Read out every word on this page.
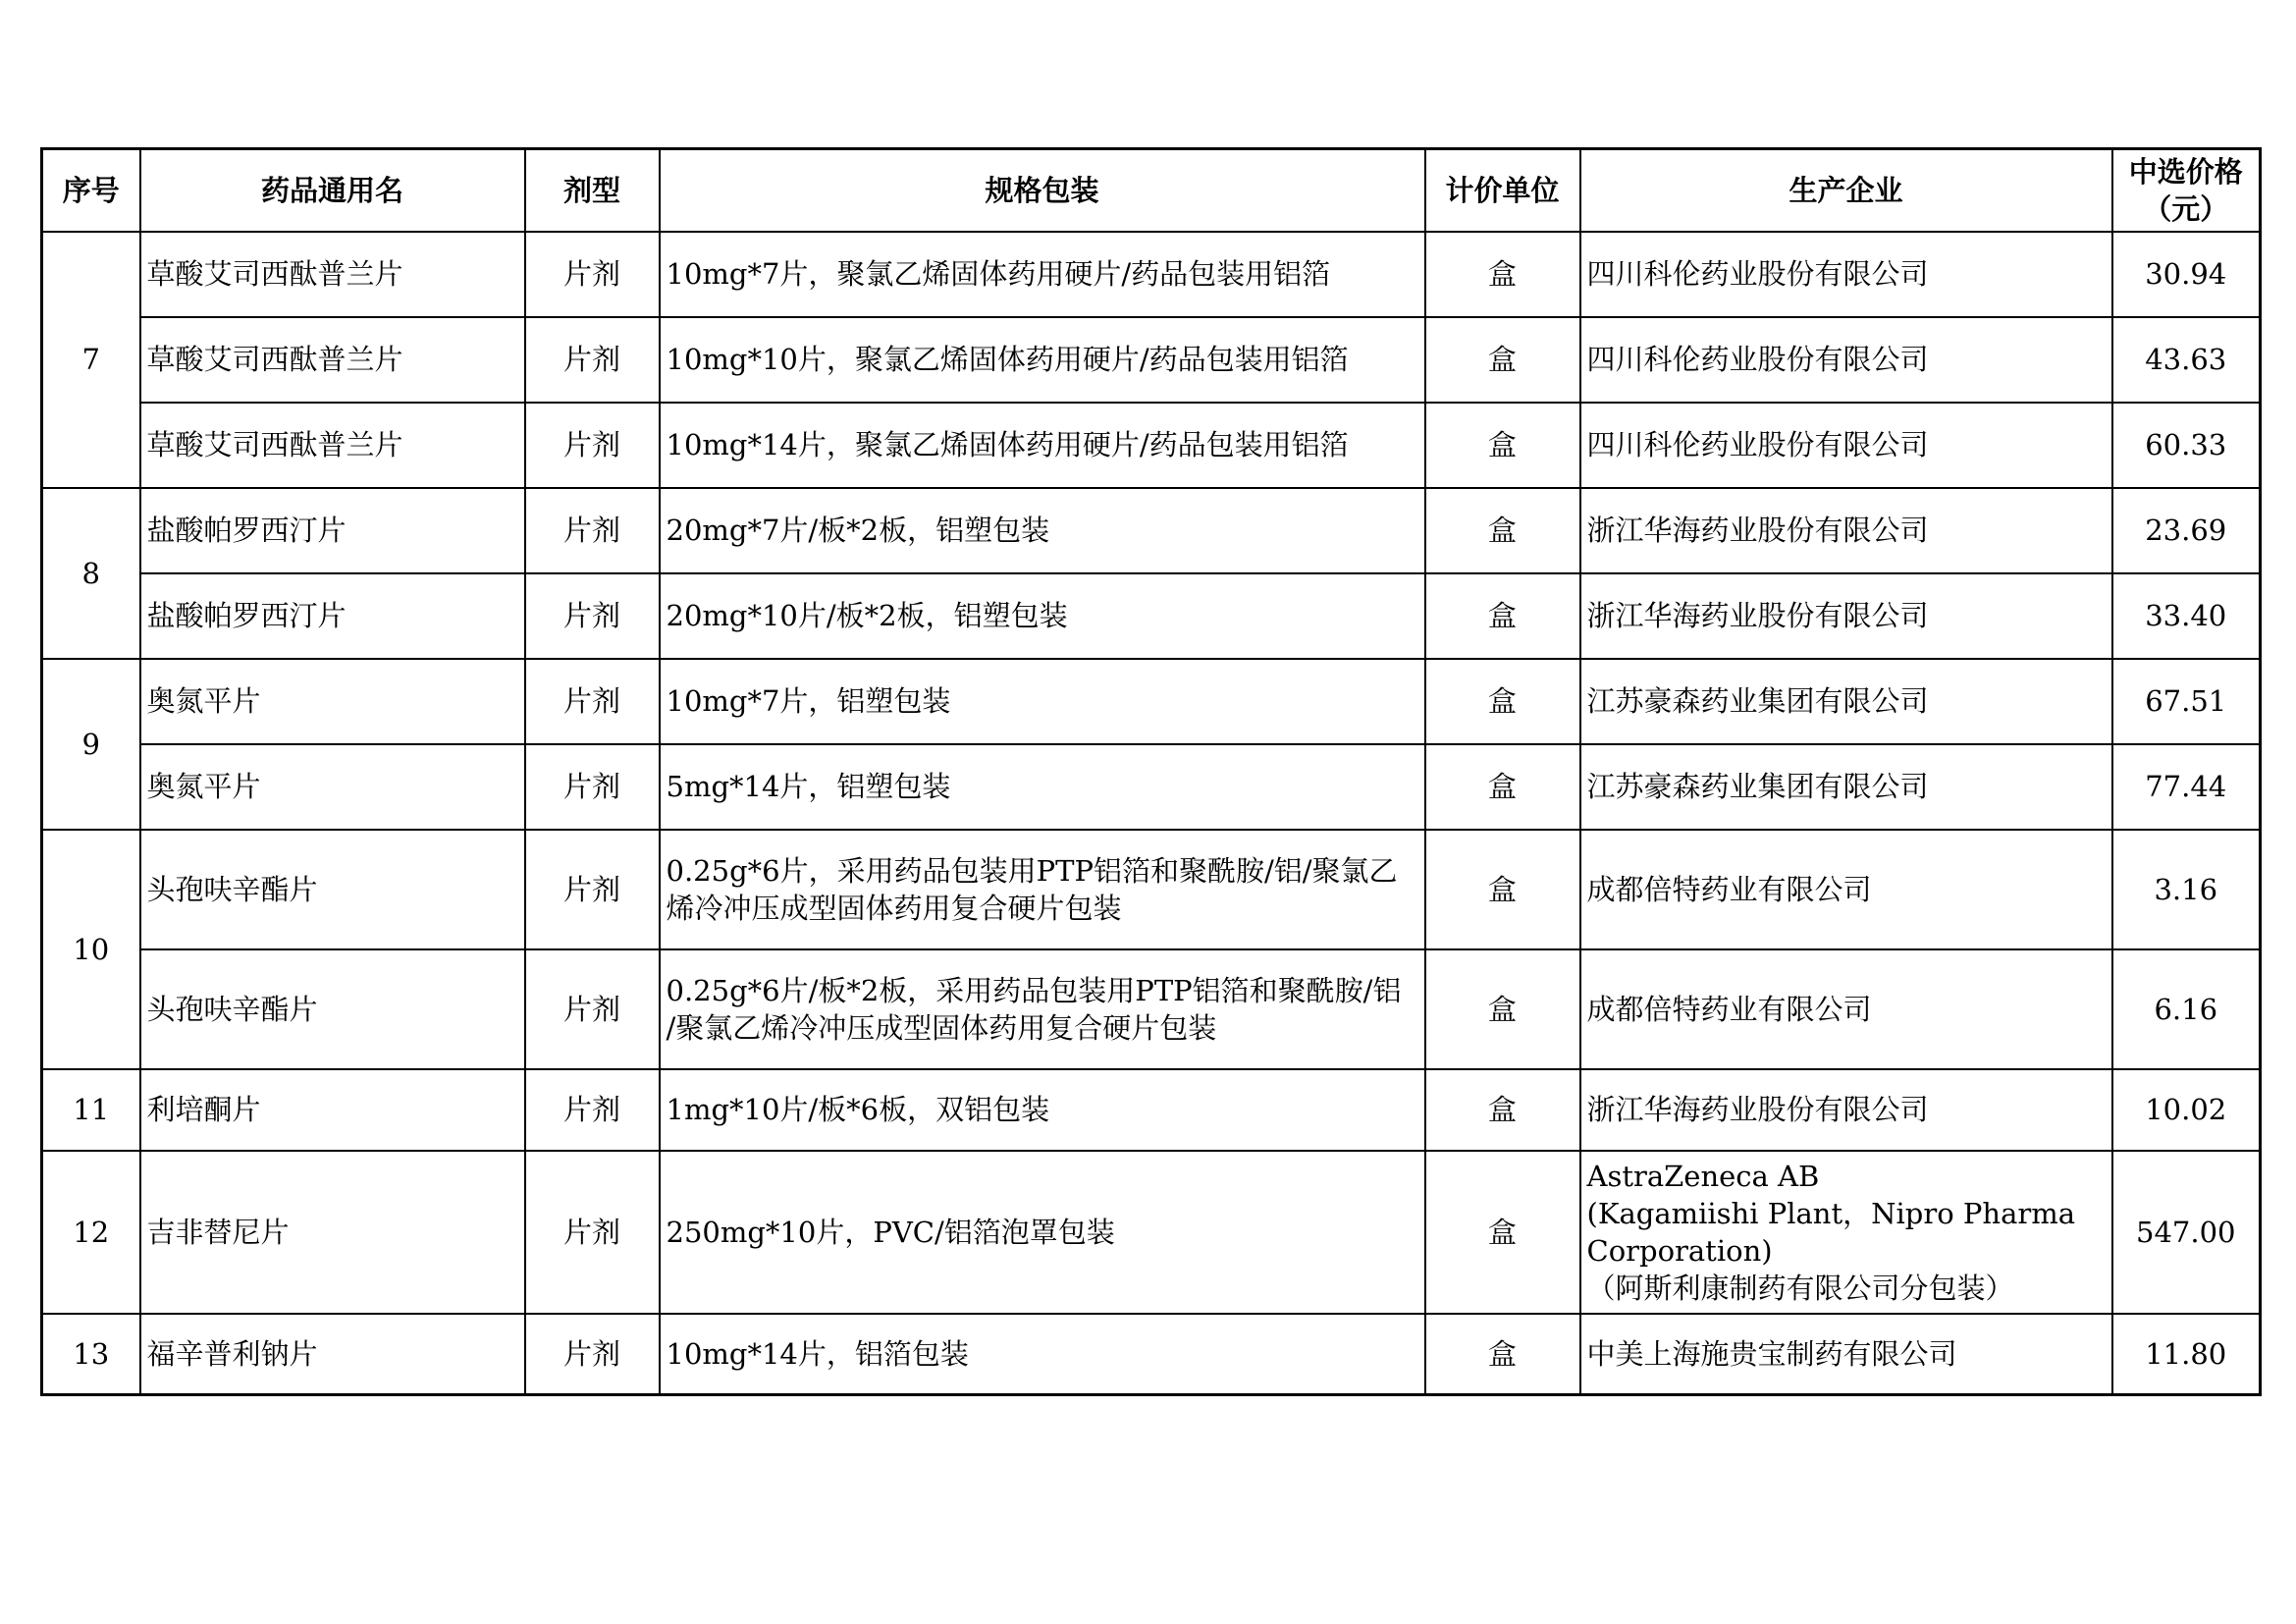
序号	药品通用名	剂型	规格包装	计价单位	生产企业	中选价格
（元）

7	草酸艾司西酞普兰片	片剂	10mg*7片，聚氯乙烯固体药用硬片/药品包装用铝箔	盒	四川科伦药业股份有限公司	30.94
	草酸艾司西酞普兰片	片剂	10mg*10片，聚氯乙烯固体药用硬片/药品包装用铝箔	盒	四川科伦药业股份有限公司	43.63
	草酸艾司西酞普兰片	片剂	10mg*14片，聚氯乙烯固体药用硬片/药品包装用铝箔	盒	四川科伦药业股份有限公司	60.33
8	盐酸帕罗西汀片	片剂	20mg*7片/板*2板，铝塑包装	盒	浙江华海药业股份有限公司	23.69
	盐酸帕罗西汀片	片剂	20mg*10片/板*2板，铝塑包装	盒	浙江华海药业股份有限公司	33.40
9	奥氮平片	片剂	10mg*7片，铝塑包装	盒	江苏豪森药业集团有限公司	67.51
	奥氮平片	片剂	5mg*14片，铝塑包装	盒	江苏豪森药业集团有限公司	77.44
10	头孢呋辛酯片	片剂	0.25g*6片，采用药品包装用PTP铝箔和聚酰胺/铝/聚氯乙
烯冷冲压成型固体药用复合硬片包装	盒	成都倍特药业有限公司	3.16
	头孢呋辛酯片	片剂	0.25g*6片/板*2板，采用药品包装用PTP铝箔和聚酰胺/铝
/聚氯乙烯冷冲压成型固体药用复合硬片包装	盒	成都倍特药业有限公司	6.16
11	利培酮片	片剂	1mg*10片/板*6板，双铝包装	盒	浙江华海药业股份有限公司	10.02
12	吉非替尼片	片剂	250mg*10片，PVC/铝箔泡罩包装	盒	AstraZeneca AB
(Kagamiishi Plant，Nipro Pharma
Corporation)
（阿斯利康制药有限公司分包装）	547.00
13	福辛普利钠片	片剂	10mg*14片，铝箔包装	盒	中美上海施贵宝制药有限公司	11.80
